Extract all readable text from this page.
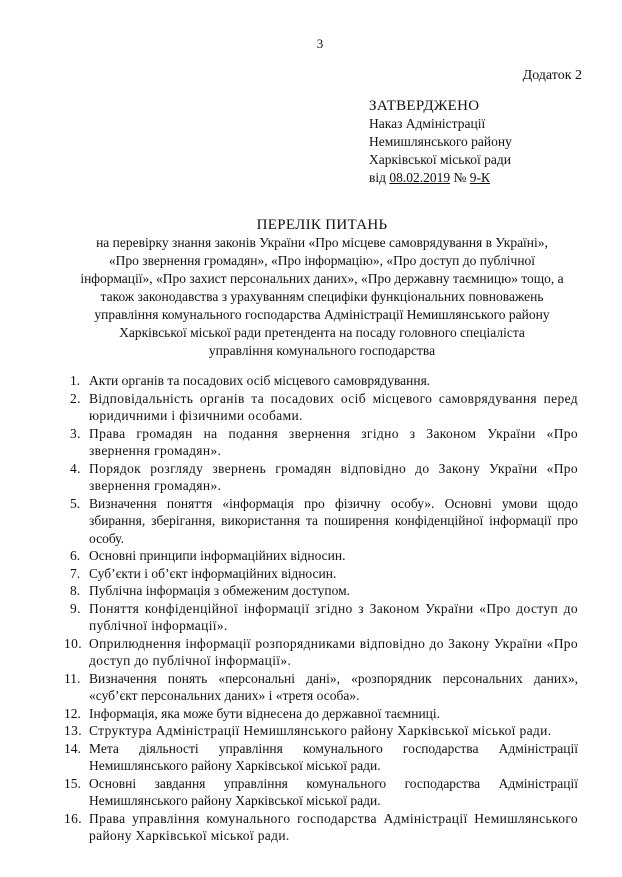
3
Додаток 2
ЗАТВЕРДЖЕНО
Наказ Адміністрації
Немишлянського району
Харківської міської ради
від 08.02.2019 № 9-К
ПЕРЕЛІК ПИТАНЬ
на перевірку знання законів України «Про місцеве самоврядування в Україні»,
«Про звернення громадян», «Про інформацію», «Про доступ до публічної
інформації», «Про захист персональних даних», «Про державну таємницю» тощо, а
також законодавства з урахуванням специфіки функціональних повноважень
управління комунального господарства Адміністрації Немишлянського району
Харківської міської ради претендента на посаду головного спеціаліста
управління комунального господарства
1. Акти органів та посадових осіб місцевого самоврядування.
2. Відповідальність органів та посадових осіб місцевого самоврядування перед юридичними і фізичними особами.
3. Права громадян на подання звернення згідно з Законом України «Про звернення громадян».
4. Порядок розгляду звернень громадян відповідно до Закону України «Про звернення громадян».
5. Визначення поняття «інформація про фізичну особу». Основні умови щодо збирання, зберігання, використання та поширення конфіденційної інформації про особу.
6. Основні принципи інформаційних відносин.
7. Суб’єкти і об’єкт інформаційних відносин.
8. Публічна інформація з обмеженим доступом.
9. Поняття конфіденційної інформації згідно з Законом України «Про доступ до публічної інформації».
10. Оприлюднення інформації розпорядниками відповідно до Закону України «Про доступ до публічної інформації».
11. Визначення понять «персональні дані», «розпорядник персональних даних», «суб’єкт персональних даних» і «третя особа».
12. Інформація, яка може бути віднесена до державної таємниці.
13. Структура Адміністрації Немишлянського району Харківської міської ради.
14. Мета діяльності управління комунального господарства Адміністрації Немишлянського району Харківської міської ради.
15. Основні завдання управління комунального господарства Адміністрації Немишлянського району Харківської міської ради.
16. Права управління комунального господарства Адміністрації Немишлянського району Харківської міської ради.
